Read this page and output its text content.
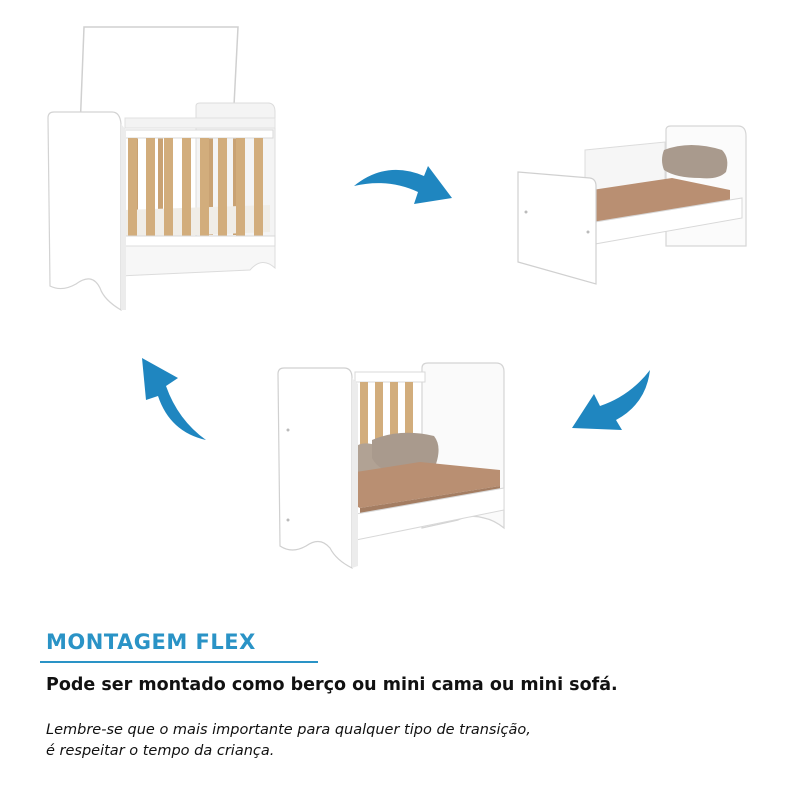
MONTAGEM FLEX

Pode ser montado como berço ou mini cama ou mini sofá.

Lembre-se que o mais importante para qualquer tipo de transição,
é respeitar o tempo da criança.
